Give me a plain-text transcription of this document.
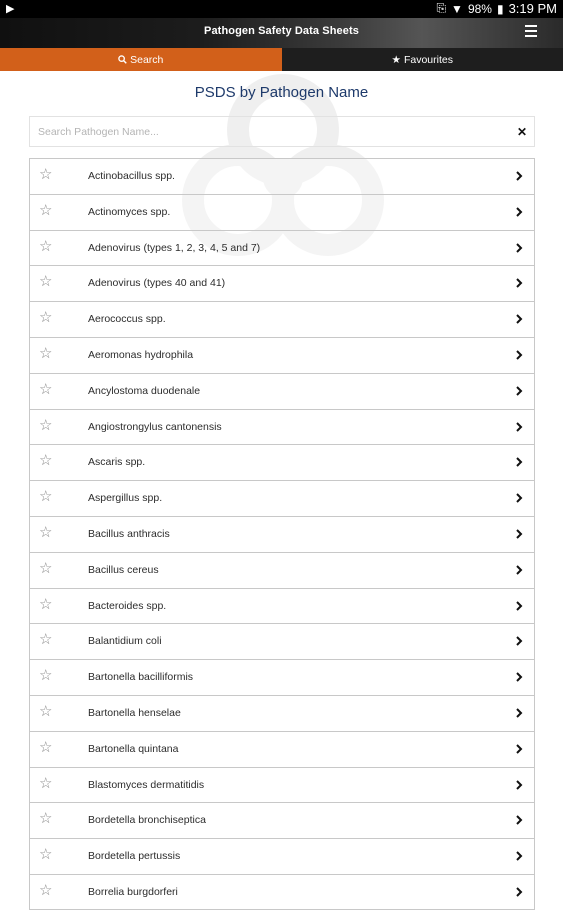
▶	⎘ ▼ 98% ▮ 3:19 PM
Pathogen Safety Data Sheets
Search	★ Favourites
PSDS by Pathogen Name
Search Pathogen Name...
✕
☆	Actinobacillus spp.
☆	Actinomyces spp.
☆	Adenovirus (types 1, 2, 3, 4, 5 and 7)
☆	Adenovirus (types 40 and 41)
☆	Aerococcus spp.
☆	Aeromonas hydrophila
☆	Ancylostoma duodenale
☆	Angiostrongylus cantonensis
☆	Ascaris spp.
☆	Aspergillus spp.
☆	Bacillus anthracis
☆	Bacillus cereus
☆	Bacteroides spp.
☆	Balantidium coli
☆	Bartonella bacilliformis
☆	Bartonella henselae
☆	Bartonella quintana
☆	Blastomyces dermatitidis
☆	Bordetella bronchiseptica
☆	Bordetella pertussis
☆	Borrelia burgdorferi
